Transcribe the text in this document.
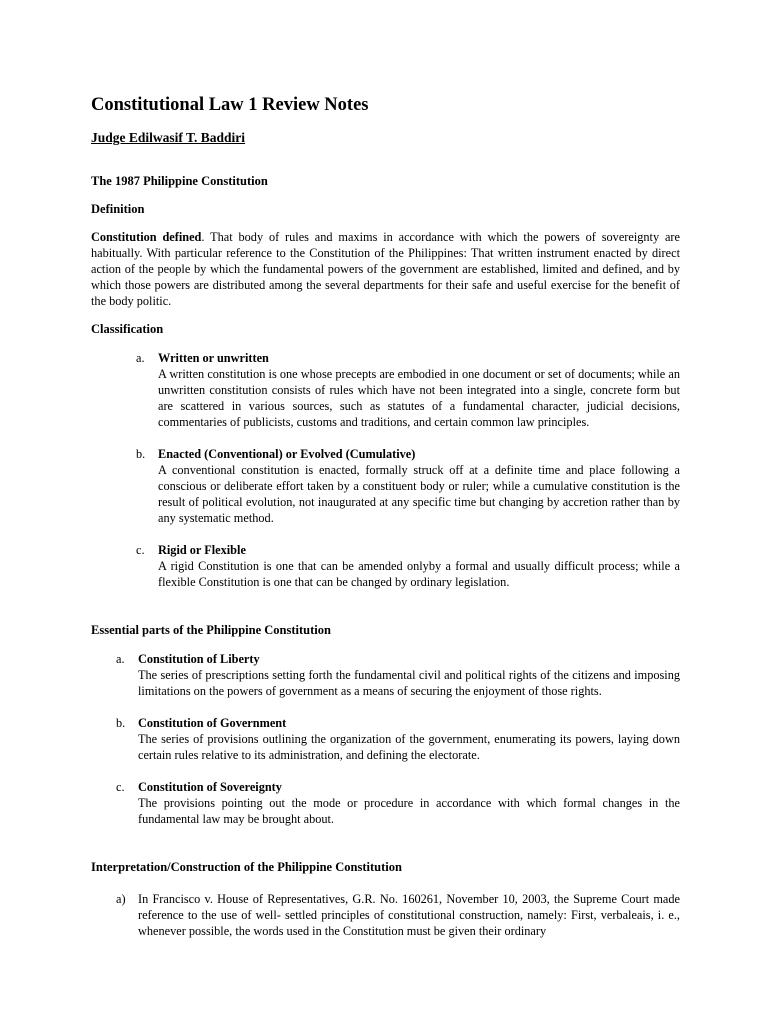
Constitutional Law 1 Review Notes
Judge Edilwasif T. Baddiri
The 1987 Philippine Constitution
Definition

Constitution defined. That body of rules and maxims in accordance with which the powers of sovereignty are habitually. With particular reference to the Constitution of the Philippines: That written instrument enacted by direct action of the people by which the fundamental powers of the government are established, limited and defined, and by which those powers are distributed among the several departments for their safe and useful exercise for the benefit of the body politic.

Classification
a.	Written or unwritten
A written constitution is one whose precepts are embodied in one document or set of documents; while an unwritten constitution consists of rules which have not been integrated into a single, concrete form but are scattered in various sources, such as statutes of a fundamental character, judicial decisions, commentaries of publicists, customs and traditions, and certain common law principles.
b.	Enacted (Conventional) or Evolved (Cumulative)
A conventional constitution is enacted, formally struck off at a definite time and place following a conscious or deliberate effort taken by a constituent body or ruler; while a cumulative constitution is the result of political evolution, not inaugurated at any specific time but changing by accretion rather than by any systematic method.
c.	Rigid or Flexible
A rigid Constitution is one that can be amended onlyby a formal and usually difficult process; while a flexible Constitution is one that can be changed by ordinary legislation.
Essential parts of the Philippine Constitution
a.	Constitution of Liberty
The series of prescriptions setting forth the fundamental civil and political rights of the citizens and imposing limitations on the powers of government as a means of securing the enjoyment of those rights.
b.	Constitution of Government
The series of provisions outlining the organization of the government, enumerating its powers, laying down certain rules relative to its administration, and defining the electorate.
c.	Constitution of Sovereignty
The provisions pointing out the mode or procedure in accordance with which formal changes in the fundamental law may be brought about.
Interpretation/Construction of the Philippine Constitution
a)	In Francisco v. House of Representatives, G.R. No. 160261, November 10, 2003, the Supreme Court made reference to the use of well- settled principles of constitutional construction, namely: First, verbaleais, i. e., whenever possible, the words used in the Constitution must be given their ordinary
